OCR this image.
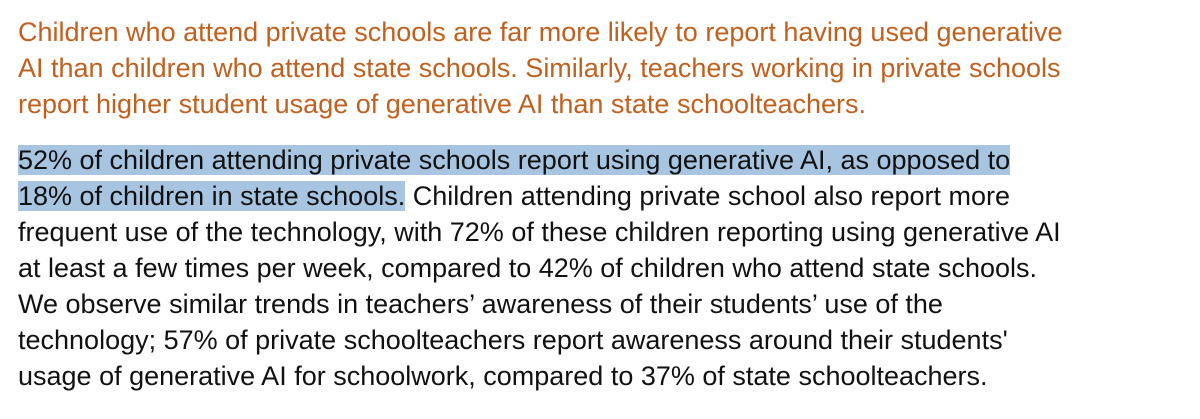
Children who attend private schools are far more likely to report having used generative
AI than children who attend state schools. Similarly, teachers working in private schools
report higher student usage of generative AI than state schoolteachers.

52% of children attending private schools report using generative AI, as opposed to
18% of children in state schools. Children attending private school also report more
frequent use of the technology, with 72% of these children reporting using generative AI
at least a few times per week, compared to 42% of children who attend state schools.
We observe similar trends in teachers’ awareness of their students’ use of the
technology; 57% of private schoolteachers report awareness around their students'
usage of generative AI for schoolwork, compared to 37% of state schoolteachers.
